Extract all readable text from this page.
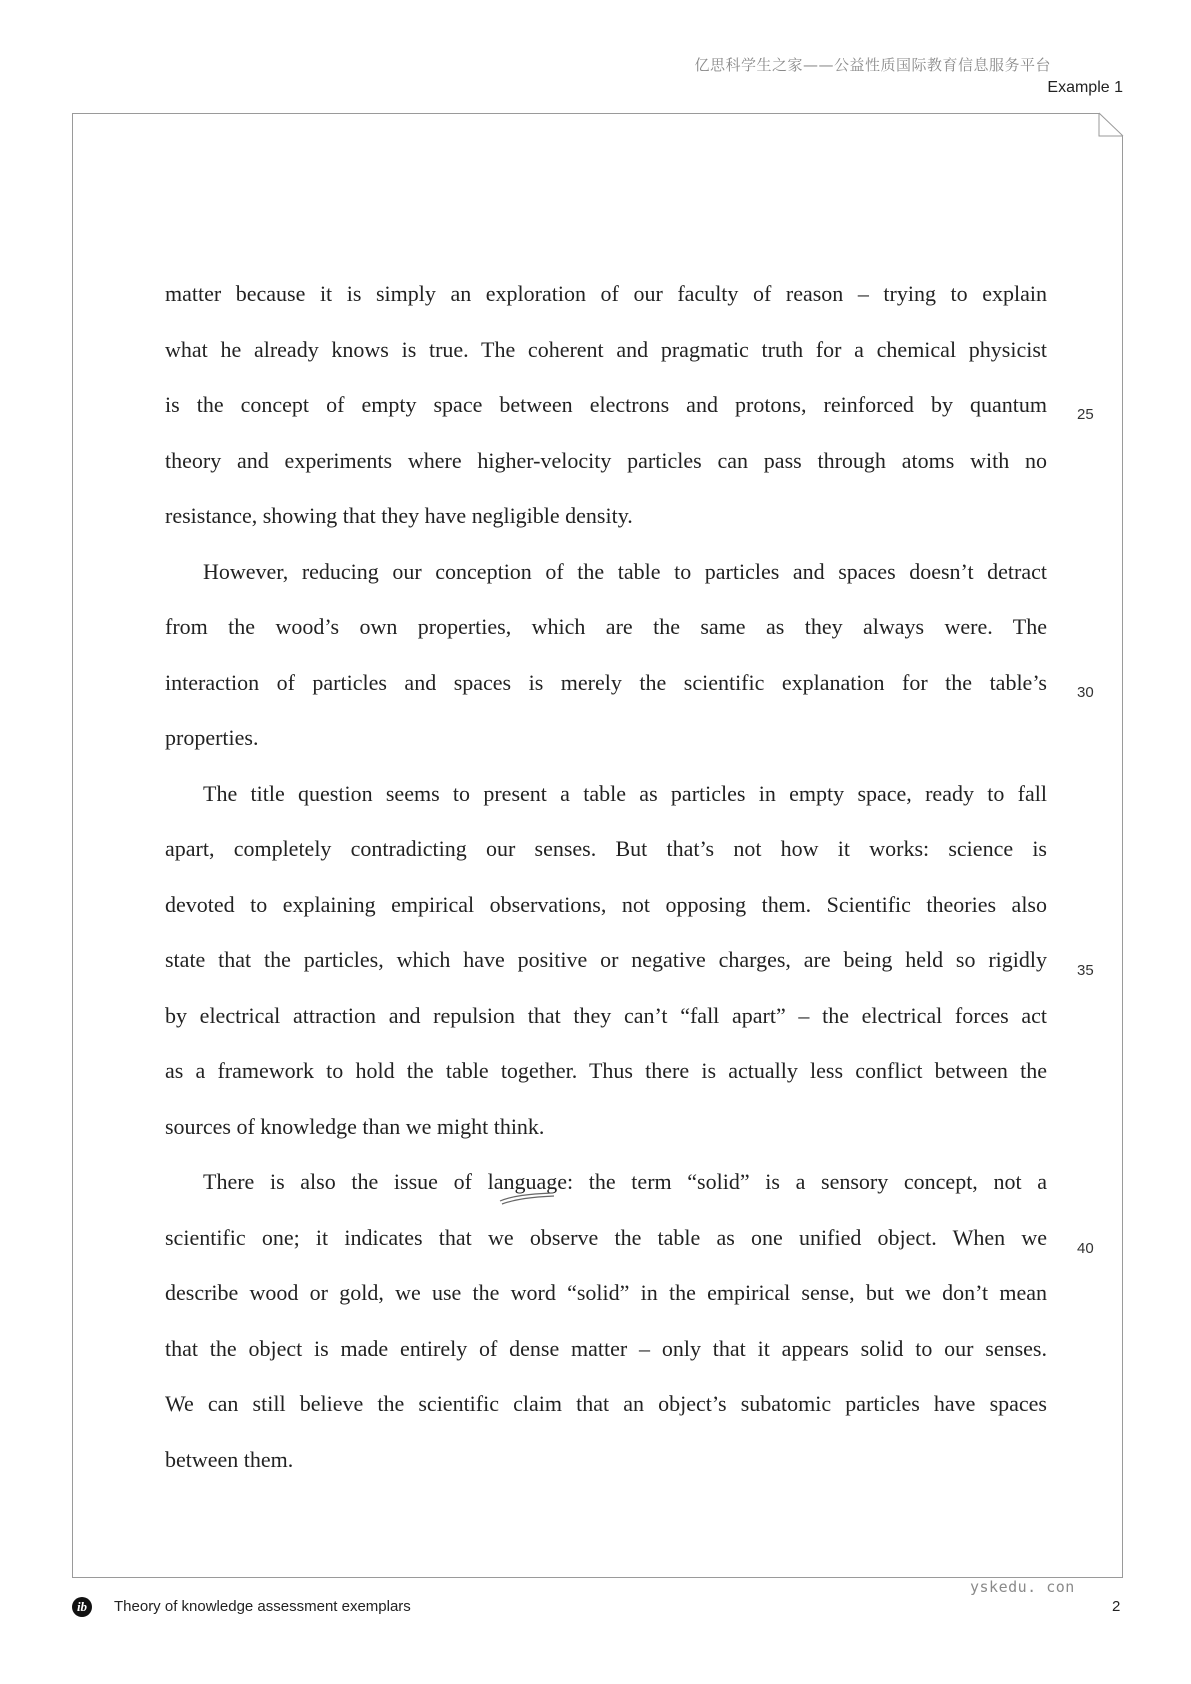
亿思科学生之家——公益性质国际教育信息服务平台
Example 1
matter because it is simply an exploration of our faculty of reason – trying to explain
what he already knows is true. The coherent and pragmatic truth for a chemical physicist
is the concept of empty space between electrons and protons, reinforced by quantum
theory and experiments where higher-velocity particles can pass through atoms with no
resistance, showing that they have negligible density.
However, reducing our conception of the table to particles and spaces doesn’t detract
from the wood’s own properties, which are the same as they always were. The
interaction of particles and spaces is merely the scientific explanation for the table’s
properties.
The title question seems to present a table as particles in empty space, ready to fall
apart, completely contradicting our senses. But that’s not how it works: science is
devoted to explaining empirical observations, not opposing them. Scientific theories also
state that the particles, which have positive or negative charges, are being held so rigidly
by electrical attraction and repulsion that they can’t “fall apart” – the electrical forces act
as a framework to hold the table together. Thus there is actually less conflict between the
sources of knowledge than we might think.
There is also the issue of language
: the term “solid” is a sensory concept, not a
scientific one; it indicates that we observe the table as one unified object. When we
describe wood or gold, we use the word “solid” in the empirical sense, but we don’t mean
that the object is made entirely of dense matter – only that it appears solid to our senses.
We can still believe the scientific claim that an object’s subatomic particles have spaces
between them.
25
30
35
40
ib	Theory of knowledge assessment exemplars
yskedu. con
2
